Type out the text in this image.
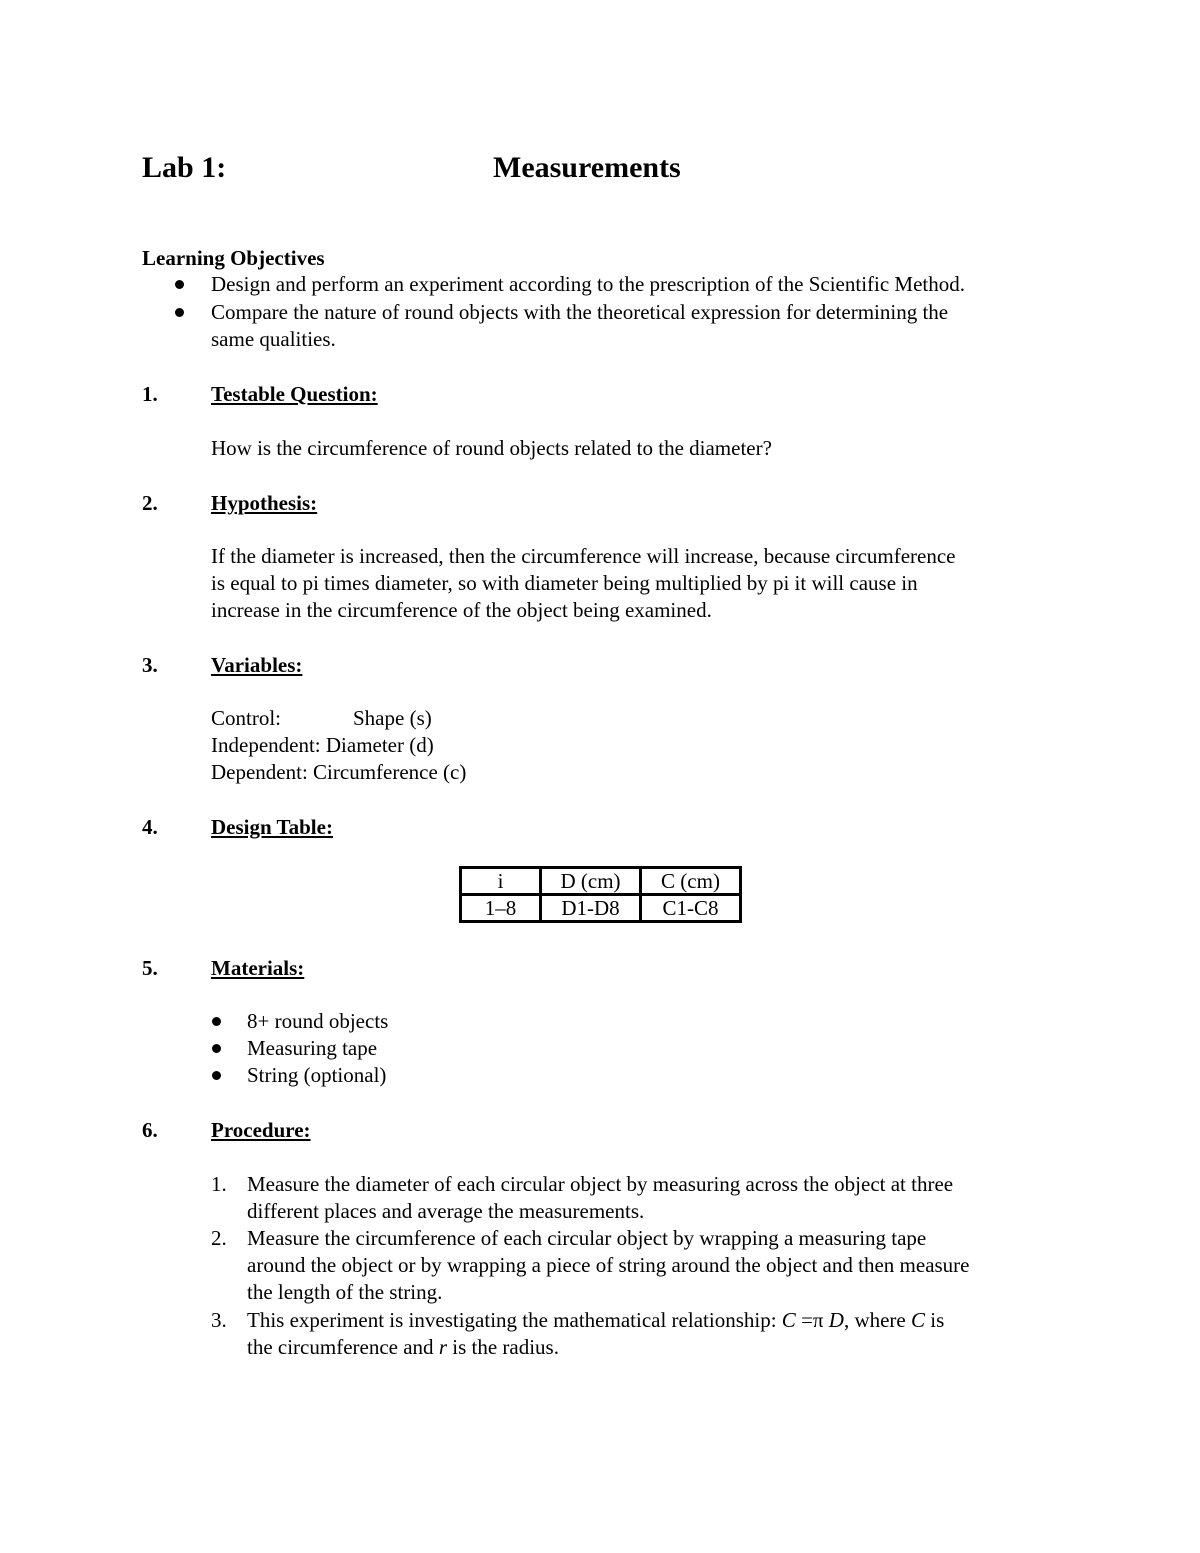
Lab 1:	Measurements
Learning Objectives
Design and perform an experiment according to the prescription of the Scientific Method.
Compare the nature of round objects with the theoretical expression for determining the
same qualities.
1.	Testable Question:
How is the circumference of round objects related to the diameter?
2.	Hypothesis:
If the diameter is increased, then the circumference will increase, because circumference
is equal to pi times diameter, so with diameter being multiplied by pi it will cause in
increase in the circumference of the object being examined.
3.	Variables:
Control:	Shape (s)
Independent: Diameter (d)
Dependent: Circumference (c)
4.	Design Table:
i	D (cm)	C (cm)
1–8	D1-D8	C1-C8
5.	Materials:
8+ round objects
Measuring tape
String (optional)
6.	Procedure:
1. Measure the diameter of each circular object by measuring across the object at three
different places and average the measurements.
2. Measure the circumference of each circular object by wrapping a measuring tape
around the object or by wrapping a piece of string around the object and then measure
the length of the string.
3. This experiment is investigating the mathematical relationship: C =π D, where C is
the circumference and r is the radius.
